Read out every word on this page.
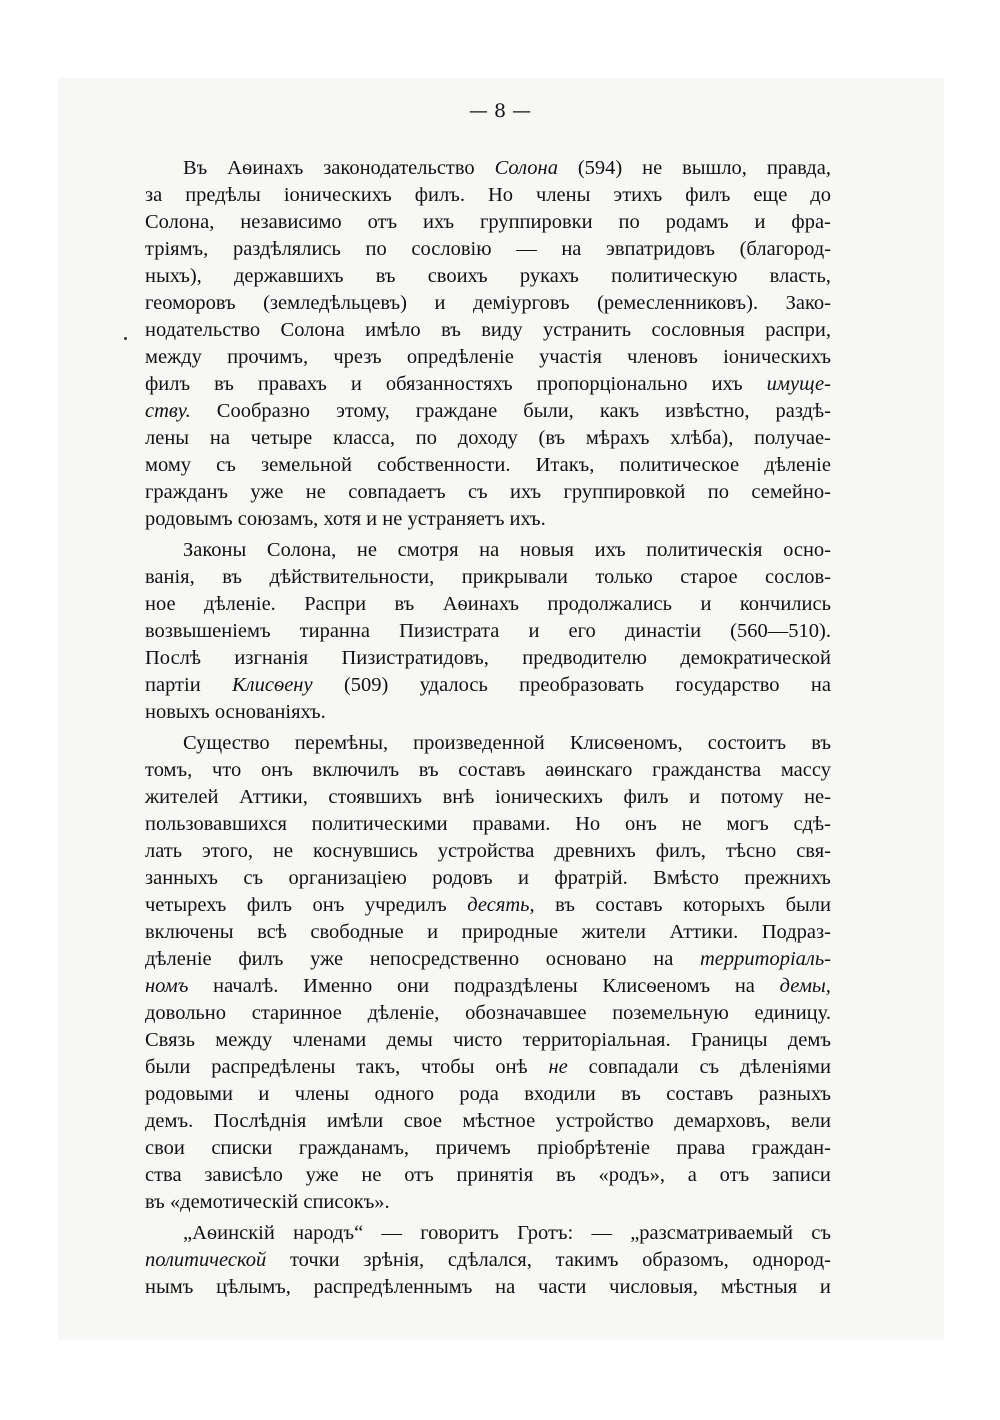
— 8 —
Въ Аѳинахъ законодательство Солона (594) не вышло, правда,
за предѣлы іоническихъ филъ. Но члены этихъ филъ еще до
Солона, независимо отъ ихъ группировки по родамъ и фра-
тріямъ, раздѣлялись по сословію — на эвпатридовъ (благород-
ныхъ), державшихъ въ своихъ рукахъ политическую власть,
геоморовъ (земледѣльцевъ) и деміурговъ (ремесленниковъ). Зако-
нодательство Солона имѣло въ виду устранить сословныя распри,
между прочимъ, чрезъ опредѣленіе участія членовъ іоническихъ
филъ въ правахъ и обязанностяхъ пропорціонально ихъ имуще-
ству. Сообразно этому, граждане были, какъ извѣстно, раздѣ-
лены на четыре класса, по доходу (въ мѣрахъ хлѣба), получае-
мому съ земельной собственности. Итакъ, политическое дѣленіе
гражданъ уже не совпадаетъ съ ихъ группировкой по семейно-
родовымъ
союзамъ,
хотя
и
не
устраняетъ
ихъ.
Законы Солона, не смотря на новыя ихъ политическія осно-
ванія, въ дѣйствительности, прикрывали только старое сослов-
ное дѣленіе. Распри въ Аѳинахъ продолжались и кончились
возвышеніемъ тиранна Пизистрата и его династіи (560—510).
Послѣ изгнанія Пизистратидовъ, предводителю демократической
партіи Клисѳену (509) удалось преобразовать государство на
новыхъ
основаніяхъ.
Существо перемѣны, произведенной Клисѳеномъ, состоитъ въ
томъ, что онъ включилъ въ составъ аѳинскаго гражданства массу
жителей Аттики, стоявшихъ внѣ іоническихъ филъ и потому не-
пользовавшихся политическими правами. Но онъ не могъ сдѣ-
лать этого, не коснувшись устройства древнихъ филъ, тѣсно свя-
занныхъ съ организаціею родовъ и фратрій. Вмѣсто прежнихъ
четырехъ филъ онъ учредилъ десять, въ составъ которыхъ были
включены всѣ свободные и природные жители Аттики. Подраз-
дѣленіе филъ уже непосредственно основано на территоріаль-
номъ началѣ. Именно они подраздѣлены Клисѳеномъ на демы,
довольно старинное дѣленіе, обозначавшее поземельную единицу.
Связь между членами демы чисто территоріальная. Границы демъ
были распредѣлены такъ, чтобы онѣ не совпадали съ дѣленіями
родовыми и члены одного рода входили въ составъ разныхъ
демъ. Послѣднія имѣли свое мѣстное устройство демарховъ, вели
свои списки гражданамъ, причемъ пріобрѣтеніе права граждан-
ства зависѣло уже не отъ принятія въ «родъ», а отъ записи
въ
«демотическій
списокъ».
„Аѳинскій народъ“ — говоритъ Гротъ: — „разсматриваемый съ
политической точки зрѣнія, сдѣлался, такимъ образомъ, однород-
нымъ цѣлымъ, распредѣленнымъ на части числовыя, мѣстныя и
